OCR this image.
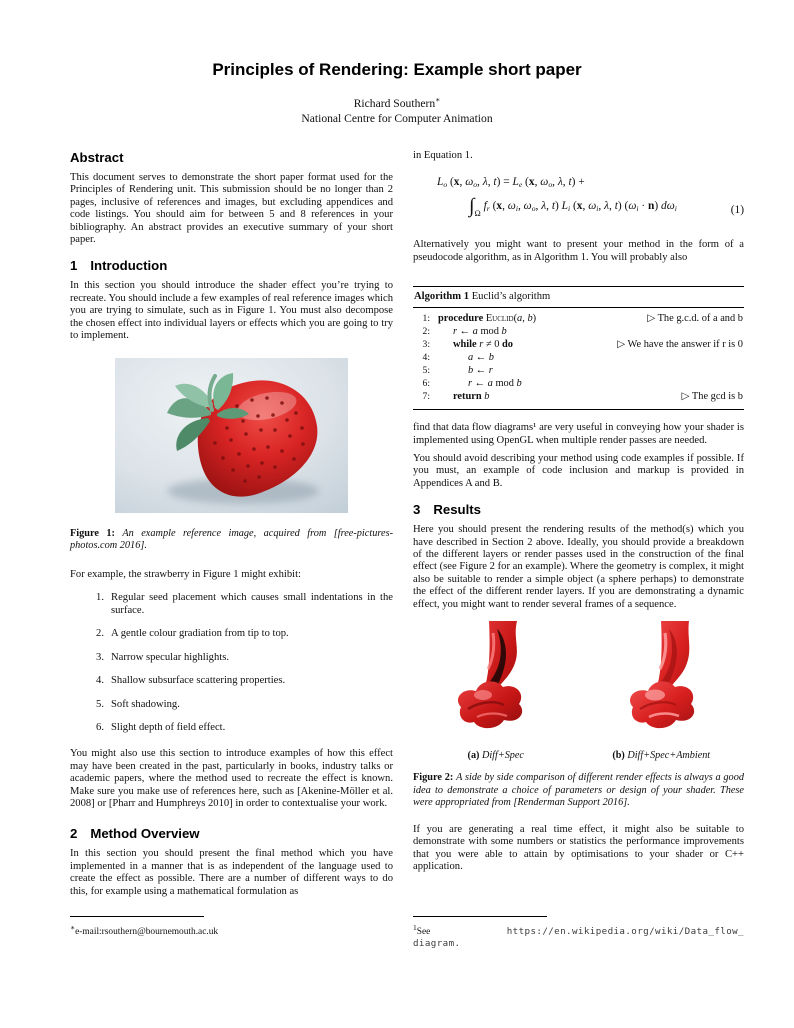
Principles of Rendering: Example short paper
Richard Southern∗
National Centre for Computer Animation
Abstract
This document serves to demonstrate the short paper format used for the Principles of Rendering unit. This submission should be no longer than 2 pages, inclusive of references and images, but excluding appendices and code listings. You should aim for between 5 and 8 references in your bibliography. An abstract provides an executive summary of your short paper.
1 Introduction
In this section you should introduce the shader effect you’re trying to recreate. You should include a few examples of real reference images which you are trying to simulate, such as in Figure 1. You must also decompose the chosen effect into individual layers or effects which you are going to try to implement.
Figure 1: An example reference image, acquired from [free-pictures-photos.com 2016].
For example, the strawberry in Figure 1 might exhibit:
1. Regular seed placement which causes small indentations in the surface.
2. A gentle colour gradiation from tip to top.
3. Narrow specular highlights.
4. Shallow subsurface scattering properties.
5. Soft shadowing.
6. Slight depth of field effect.
You might also use this section to introduce examples of how this effect may have been created in the past, particularly in books, industry talks or academic papers, where the method used to recreate the effect is known. Make sure you make use of references here, such as [Akenine-Möller et al. 2008] or [Pharr and Humphreys 2010] in order to contextualise your work.
2 Method Overview
In this section you should present the final method which you have implemented in a manner that is as independent of the language used to create the effect as possible. There are a number of different ways to do this, for example using a mathematical formulation as
∗e-mail:rsouthern@bournemouth.ac.uk
in Equation 1.
$L_o$ (x, $\omega_o$, λ, $t) = L_e$ (x, $\omega_o$, λ, t) +
$\int_\Omega$ $f_r$ (x, $\omega_i$, $\omega_o$, λ, t) $L_i$ (x, $\omega_i$, λ, t) $(\omega_i \cdot n)$ $d\omega_i$	(1)
Alternatively you might want to present your method in the form of a pseudocode algorithm, as in Algorithm 1. You will probably also
Algorithm 1 Euclid’s algorithm
1: procedure Euclid(a, b)	▷ The g.c.d. of a and b
2:	r ← a mod b
3:	while r ≠ 0 do	▷ We have the answer if r is 0
4:	a ← b
5:	b ← r
6:	r ← a mod b
7:	return b	▷ The gcd is b
find that data flow diagrams¹ are very useful in conveying how your shader is implemented using OpenGL when multiple render passes are needed.
You should avoid describing your method using code examples if possible. If you must, an example of code inclusion and markup is provided in Appendices A and B.
3 Results
Here you should present the rendering results of the method(s) which you have described in Section 2 above. Ideally, you should provide a breakdown of the different layers or render passes used in the construction of the final effect (see Figure 2 for an example). Where the geometry is complex, it might also be suitable to render a simple object (a sphere perhaps) to demonstrate the effect of the different render layers. If you are demonstrating a dynamic effect, you might want to render several frames of a sequence.
(a) Diff+Spec	(b) Diff+Spec+Ambient
Figure 2: A side by side comparison of different render effects is always a good idea to demonstrate a choice of parameters or design of your shader. These were appropriated from [Renderman Support 2016].
If you are generating a real time effect, it might also be suitable to demonstrate with some numbers or statistics the performance improvements that you were able to attain by optimisations to your shader or C++ application.
$^1$See	https://en.wikipedia.org/wiki/Data_flow_
diagram.
